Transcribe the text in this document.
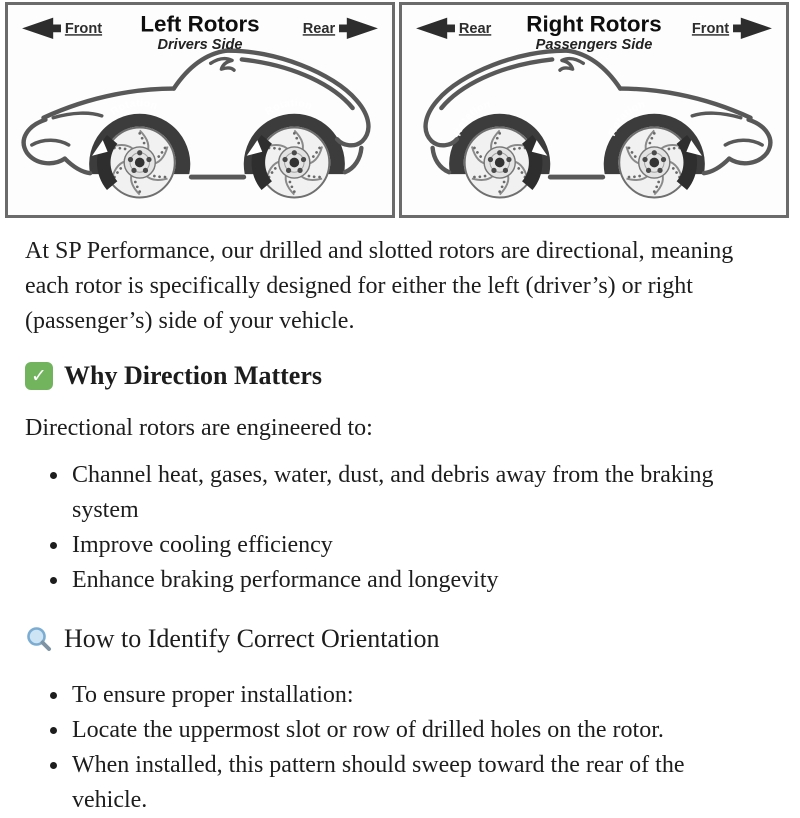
Front Left Rotors
Drivers Side
Rear
Rotation	Rotation
Rear Right Rotors
Passengers Side
Front
Rotation
Rotation

At SP Performance, our drilled and slotted rotors are directional, meaning each rotor is specifically designed for either the left (driver’s) or right (passenger’s) side of your vehicle.

✓ Why Direction Matters

Directional rotors are engineered to:

• Channel heat, gases, water, dust, and debris away from the braking system
• Improve cooling efficiency
• Enhance braking performance and longevity
How to Identify Correct Orientation
• To ensure proper installation:
• Locate the uppermost slot or row of drilled holes on the rotor.
• When installed, this pattern should sweep toward the rear of the vehicle.
